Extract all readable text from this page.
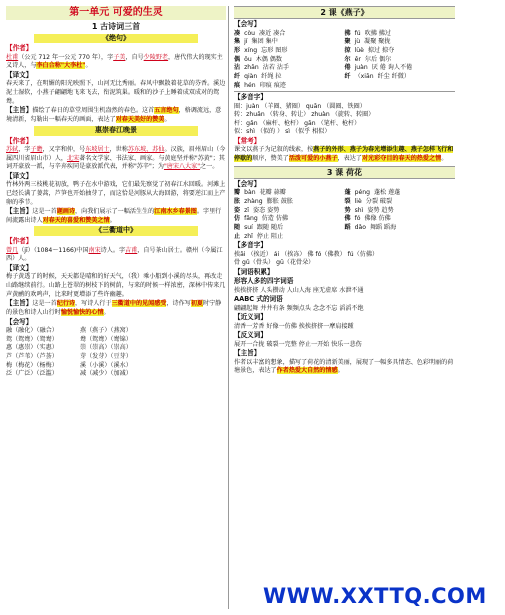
第一单元 可爱的生灵
1 古诗词三首
《绝句》
【作者】

杜甫（公元 712 年一公元 770 年），字子美，自号少陵野老，唐代伟大的现实主义诗人，与李白合称"大李杜"。

【译文】

春天来了，在明媚的阳光映照下，山河无比秀丽。春风中飘散着花草的芬香。溪边泥土湿软，小燕子翩翩地飞来飞去，衔泥筑巢。暖和的沙子上睡着成双成对的鸳鸯。

【主旨】描绘了春日的草堂周围生机盎然的春色。这首五言绝句，格调流远，意境清新，勾勒出一幅春天的画面，表达了对春天美好的赞美。

惠崇春江晚景
【作者】

苏轼，字子瞻，又字和仲，号东坡居士，世称苏东坡、苏仙。汉族，眉州眉山（今属四川省眉山市）人，北宋著名文学家、书法家、画家。与黄庭坚并称"苏黄"；其词开豪放一派，与辛弃疾同是豪放派代表，并称"苏辛"；为"唐宋八大家"之一。

【译文】

竹林外两三枝桃花初放，鸭子在水中游戏，它们最先察觉了初春江水回暖。河滩上已经长满了蒌蒿，芦笋也开始抽芽了，而这恰是河豚从大海回游，将要逆江而上产卵的季节。

【主旨】这是一首题画诗，向我们展示了一幅活生生的江南水乡春景图。字里行间流露出诗人对春天的喜爱和赞美之情。

《三衢道中》
【作者】

曾几（jī）（1084～1166)中国南宋诗人。字吉甫，自号茶山居士。赣州（今属江西）人。

【译文】

梅子黄透了的时候，天天都是晴和的好天气，（我）乘小船到小溪的尽头，再改走山路继续前行。山路上苍翠的树枝下的树荫，与来的时候一样浓密，深林中传来几声黄鹂的欢鸣声，比来时更增添了些许幽趣。

【主旨】这是一首纪行诗，写诗人行于三衢道中的见闻感受，诗作写初夏时宁静的景色和诗人山行时愉悦愉快的心情。

【会写】
融（融化）（融合）	燕（燕子）（燕窝）
鸳（鸳鸯）（鸳鸯）	鸯（鸳鸯）（鸯锦）
惠（惠崇）（实惠）	崇（崇高）（崇高）
芦（芦苇）（芦荟）	芽（发芽）（豆芽）
梅（梅花）（杨梅）	溪（小溪）（溪水）
泛（广泛）（泛滥）	减（减少）（加减）
2 课《燕子》
【会写】
凑 còu 凑近 凑合	拂 fú 吹拂 拂过
集 jí 集团 集中	聚 jù 凝聚 聚拢
形 xíng 忘形 图形	掠 lüè 掠过 掠夺
偶 ǒu 木偶 偶数	尔 ěr 尔后 偶尔
沾 zhān 沾若 沾手	倦 juàn 厌 倦 询人不倦
纤 qiàn 纤绳 拉	纤 （xiān 纤尘 纤微）
痕 hén 印痕 痕迹
【多音字】

圈：juàn （羊圈、猪圈） quān （圆圈、铁圈）

转：zhuǎn （转身、转让） zhuàn （旋转、转圈）

杆：gǎn （麻杆、枪杆） gān （笔杆、枪杆）

似：shì （似的 ） sì （似乎 相似）

【常考】

课文以燕子为记叙的线索，按燕子的外形、燕子为春光增添生趣、燕子怎样飞行和停歇的顺序，赞美了活泼可爱的小燕子，表达了对光彩夺目的春天的热爱之情。

3 课 荷花
【会写】
瓣 bàn 花瓣 蒜瓣	蓬 péng 蓬松 莲蓬
胀 zhàng 膨胀 鼓胀	裂 liè 分裂 破裂
姿 zī 姿态 姿势	势 shì 姿势 趋势
仿 fǎng 仿造 仿佛	佛 fó 佛像 仿佛
随 suí 跟随 随后	蹈 dǎo 舞蹈 蹈海
止 zhǐ 停止 阻止
【多音字】

挨āi （挨近） ái （挨冻） 佛 fó（佛教） fú（仿佛）

骨 gǔ（骨头） gū（花骨朵）

【词语积累】
形容人多的四字词语

挨挨挤挤 人头攒动 人山人海 座无虚席 水泄不通

AABC 式的词语

翩翩起舞 井井有条 频频点头 念念不忘 滔滔不绝

【近义词】

清香一芳香 好像一仿佛 挨挨挤挤一摩肩接踵

【反义词】

展开一合拢 破裂一完整 停止一开始 快乐一悲伤

【主旨】

作者以丰富的想象，描写了荷花的清新美丽，展现了一幅多具情态、色彩明丽的荷塘景色，表达了作者热爱大自然的情感。

WWW.XXTTQ.COM
